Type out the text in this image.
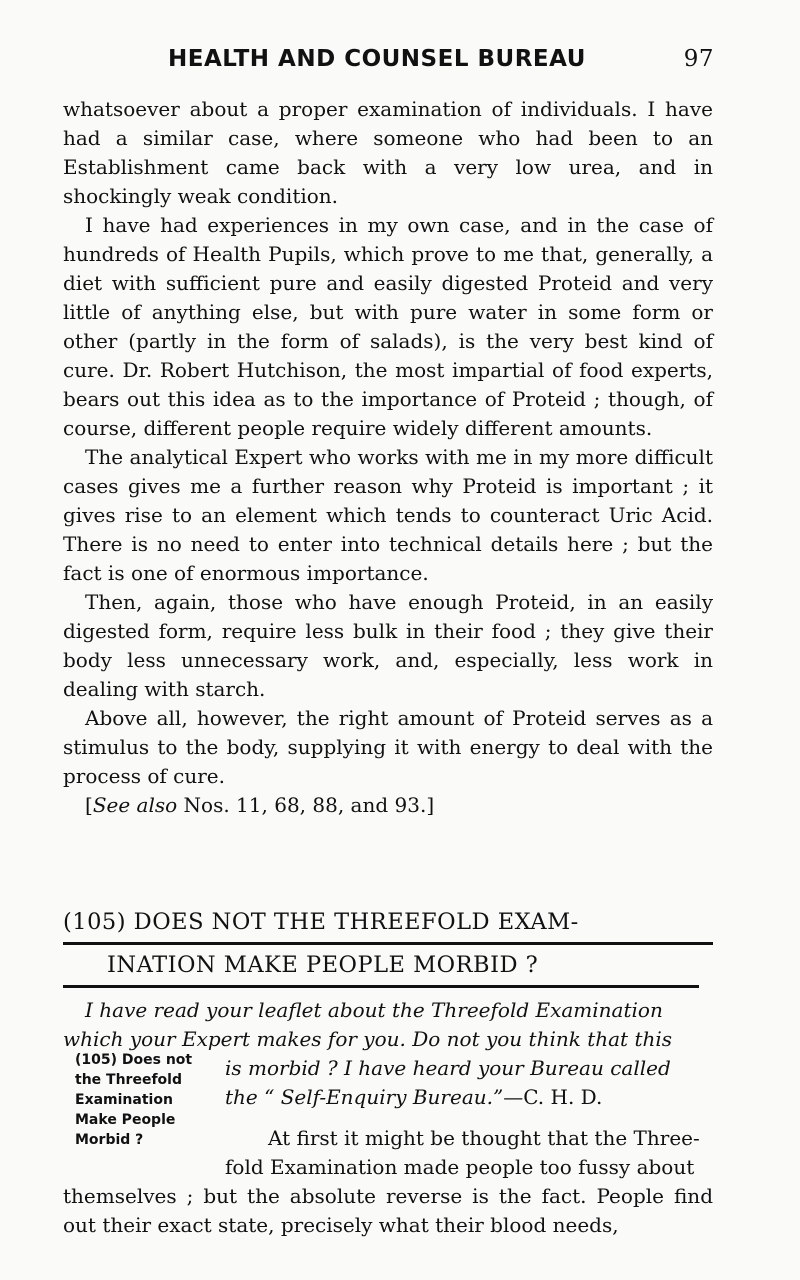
HEALTH AND COUNSEL BUREAU	97

whatsoever about a proper examination of individuals. I have had a similar case, where someone who had been to an Establishment came back with a very low urea, and in shockingly weak condition.

I have had experiences in my own case, and in the case of hundreds of Health Pupils, which prove to me that, generally, a diet with sufficient pure and easily digested Proteid and very little of anything else, but with pure water in some form or other (partly in the form of salads), is the very best kind of cure. Dr. Robert Hutchison, the most impartial of food experts, bears out this idea as to the importance of Proteid ; though, of course, different people require widely different amounts.

The analytical Expert who works with me in my more difficult cases gives me a further reason why Proteid is important ; it gives rise to an element which tends to counteract Uric Acid. There is no need to enter into technical details here ; but the fact is one of enormous importance.

Then, again, those who have enough Proteid, in an easily digested form, require less bulk in their food ; they give their body less unnecessary work, and, especially, less work in dealing with starch.

Above all, however, the right amount of Proteid serves as a stimulus to the body, supplying it with energy to deal with the process of cure.

[See also Nos. 11, 68, 88, and 93.]

(105) DOES NOT THE THREEFOLD EXAM-
INATION MAKE PEOPLE MORBID ?
I have read your leaflet about the Threefold Examination
which your Expert makes for you. Do not you think that this
is morbid ? I have heard your Bureau called
the “ Self-Enquiry Bureau.”—C. H. D.
(105) Does not
the Threefold
Examination
Make People
Morbid ?	At first it might be thought that the Three-
fold Examination made people too fussy about
themselves ; but the absolute reverse is the fact. People find out their exact state, precisely what their blood needs,
